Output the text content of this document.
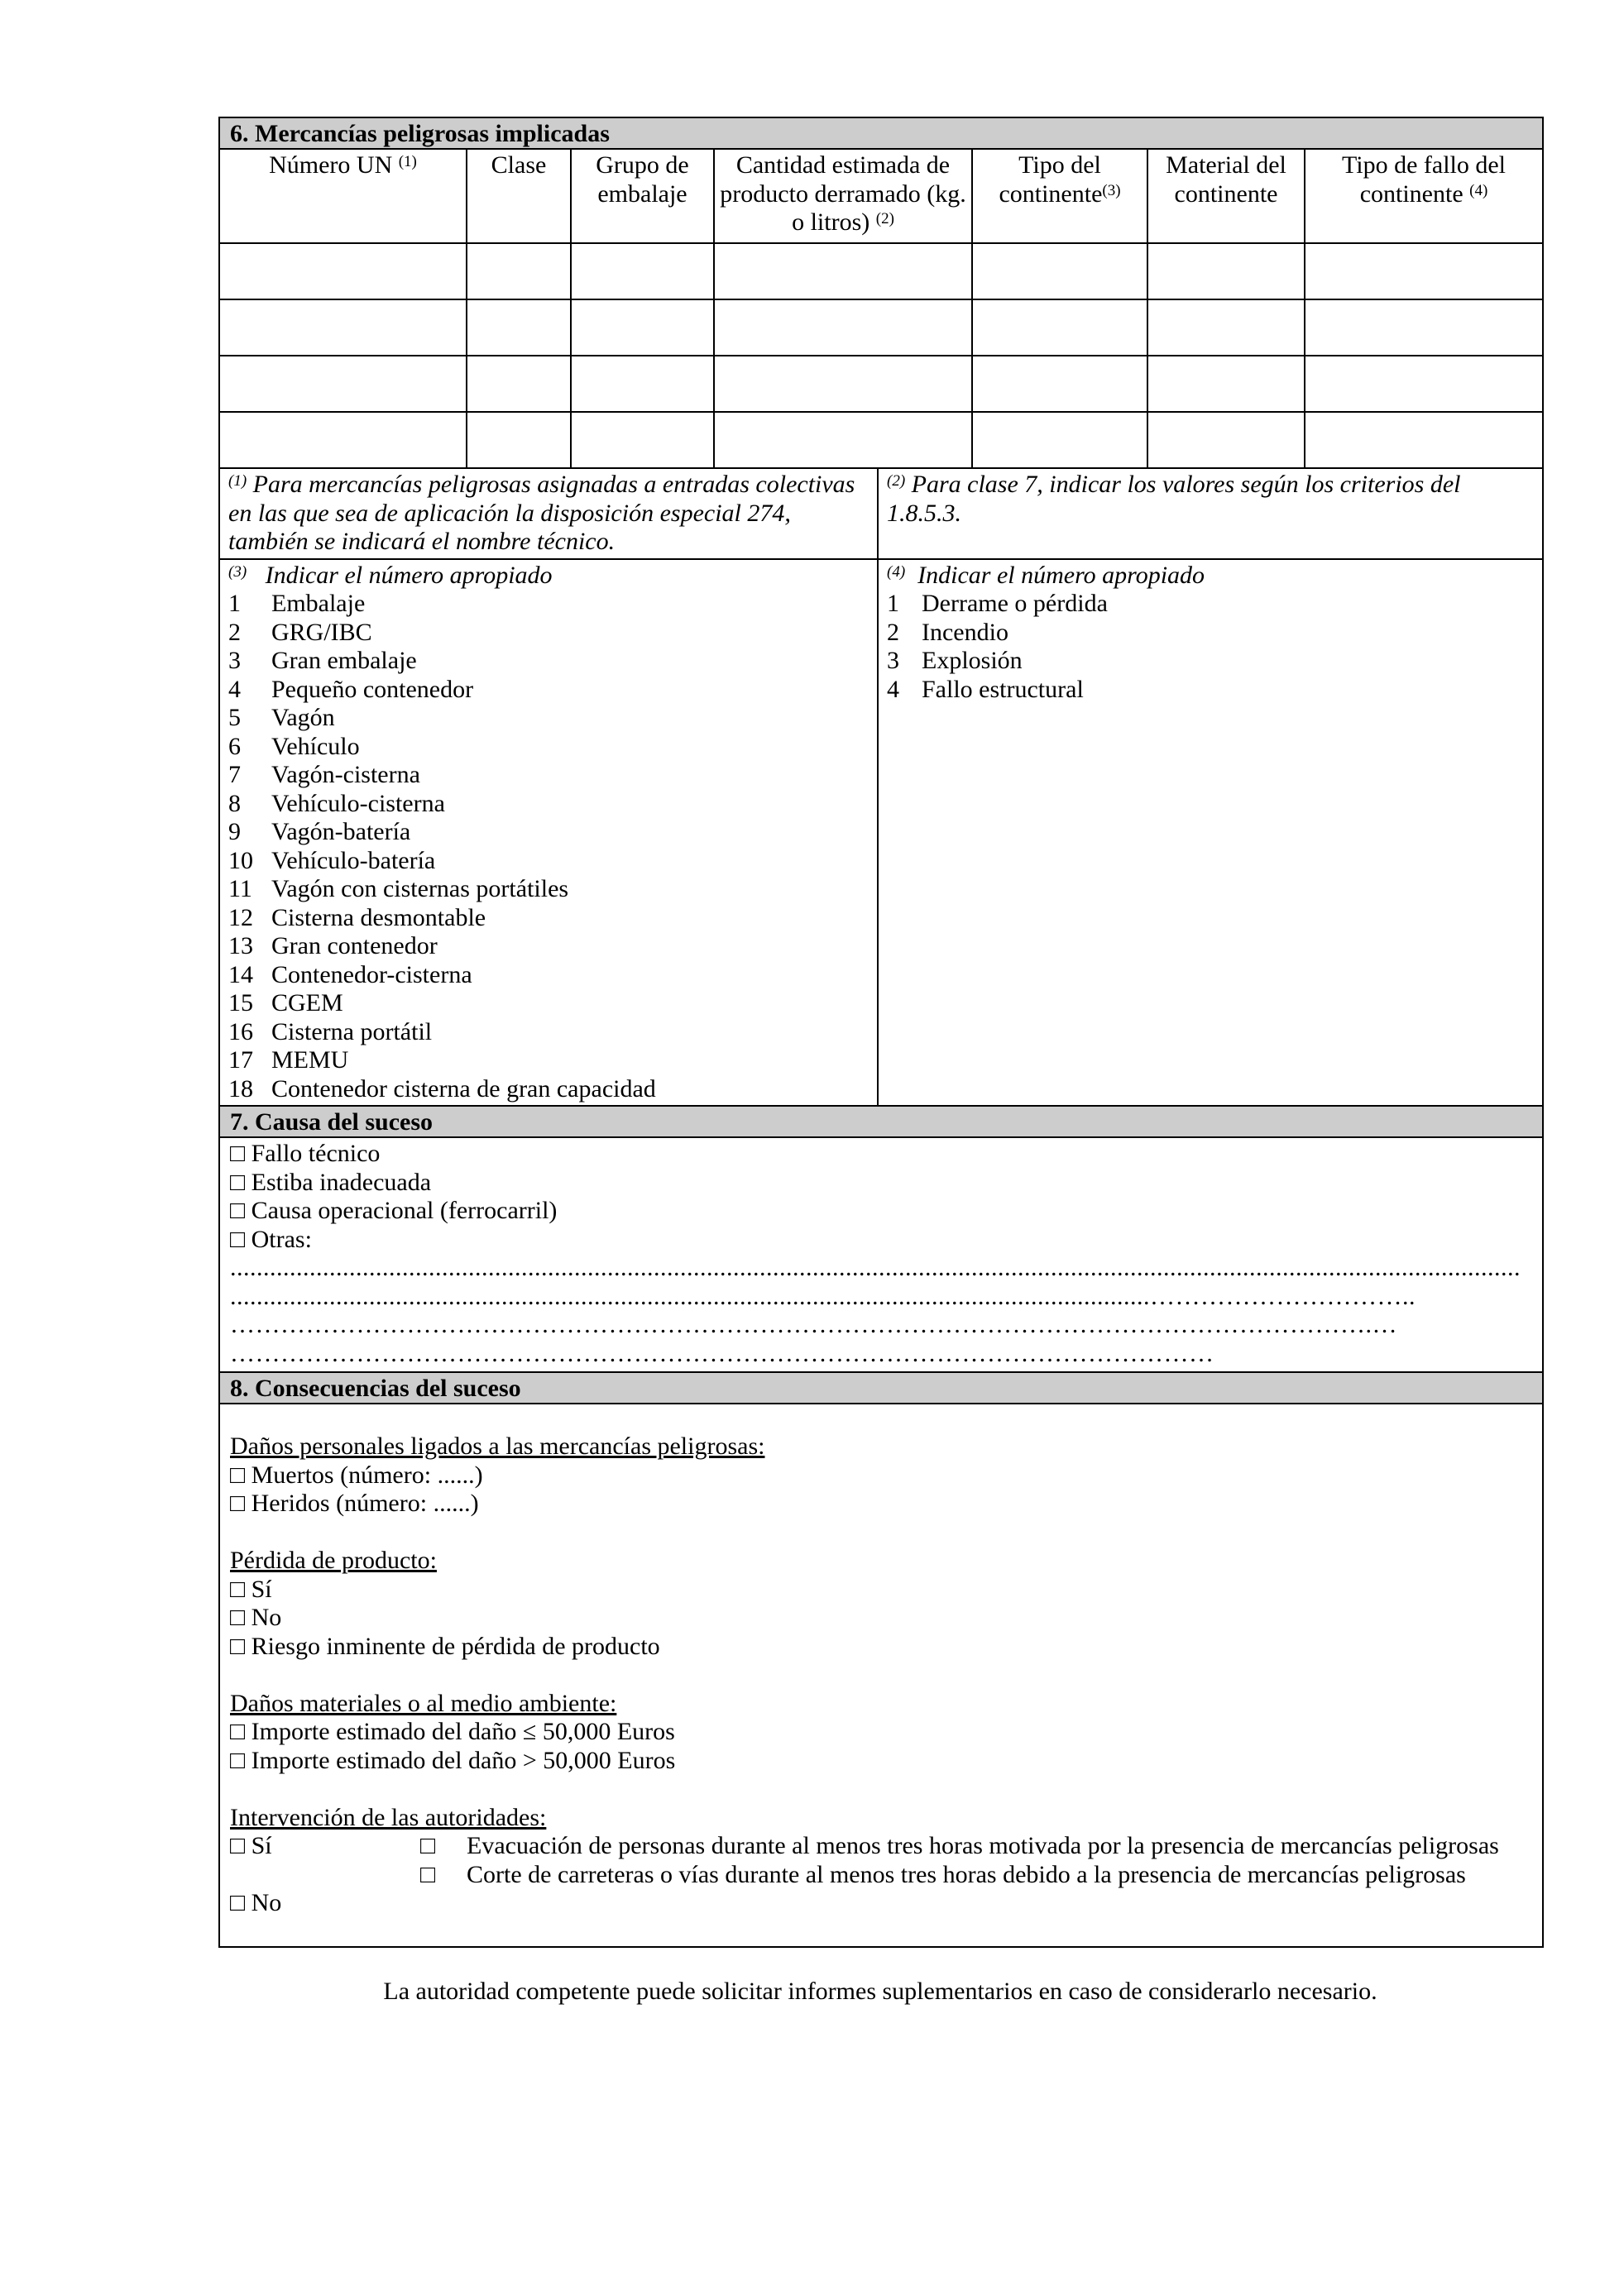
6. Mercancías peligrosas implicadas
Número UN $^{(1)}$	Clase	Grupo de embalaje	Cantidad estimada de producto derramado (kg. o litros) $^{(2)}$	Tipo del continente$^{(3)}$	Material del continente	Tipo de fallo del continente $^{(4)}$

$^{(1)}$ Para mercancías peligrosas asignadas a entradas colectivas en las que sea de aplicación la disposición especial 274, también se indicará el nombre técnico.
$^{(2)}$ Para clase 7, indicar los valores según los criterios del 1.8.5.3.
$^{(3)}$ Indicar el número apropiado
1	Embalaje
2	GRG/IBC
3	Gran embalaje
4	Pequeño contenedor
5	Vagón
6	Vehículo
7	Vagón-cisterna
8	Vehículo-cisterna
9	Vagón-batería
10 Vehículo-batería
11 Vagón con cisternas portátiles
12 Cisterna desmontable
13 Gran contenedor
14 Contenedor-cisterna
15 CGEM
16 Cisterna portátil
17 MEMU
18 Contenedor cisterna de gran capacidad
$^{(4)}$ Indicar el número apropiado
1 Derrame o pérdida
2 Incendio
3 Explosión
4 Fallo estructural
7. Causa del suceso
□ Fallo técnico
□ Estiba inadecuada
□ Causa operacional (ferrocarril)
□ Otras:
...................................................................................................................................................................................................
...........................................................................................................................................…………………………..
……………………………………………………………………………………………………………………….…
………………………………………………………………………………………………………
8. Consecuencias del suceso
Daños personales ligados a las mercancías peligrosas:
□ Muertos (número: ......)
□ Heridos (número: ......)
Pérdida de producto:
□ Sí
□ No
□ Riesgo inminente de pérdida de producto
Daños materiales o al medio ambiente:
□ Importe estimado del daño ≤ 50,000 Euros
□ Importe estimado del daño > 50,000 Euros
Intervención de las autoridades:
□ Sí	□	Evacuación de personas durante al menos tres horas motivada por la presencia de mercancías peligrosas
□	Corte de carreteras o vías durante al menos tres horas debido a la presencia de mercancías peligrosas
□ No
La autoridad competente puede solicitar informes suplementarios en caso de considerarlo necesario.
